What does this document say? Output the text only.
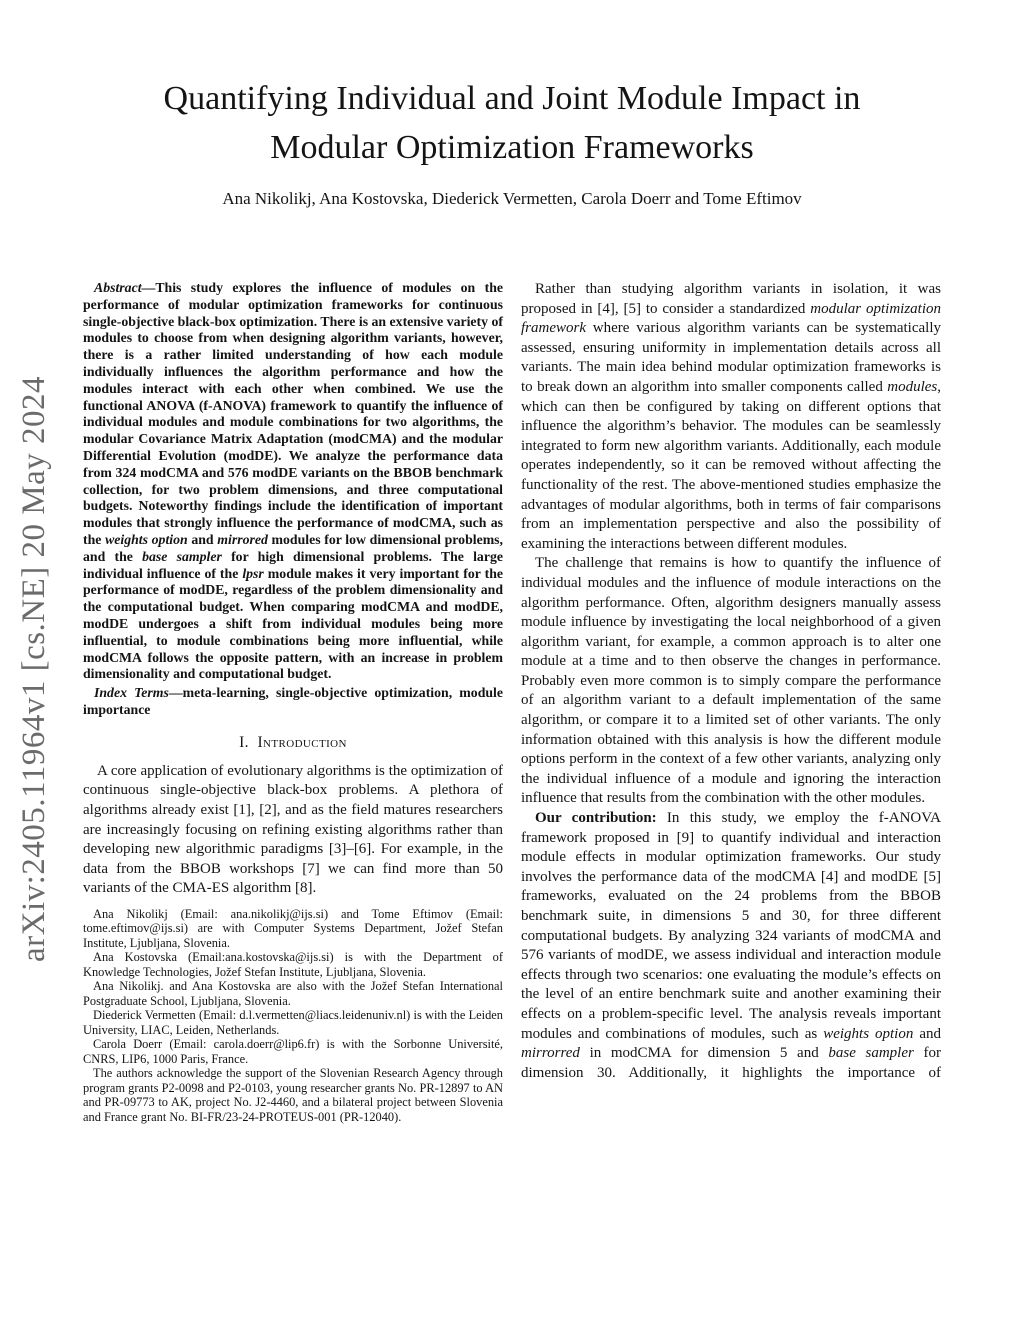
arXiv:2405.11964v1 [cs.NE] 20 May 2024
Quantifying Individual and Joint Module Impact in
Modular Optimization Frameworks
Ana Nikolikj, Ana Kostovska, Diederick Vermetten, Carola Doerr and Tome Eftimov

Abstract—This study explores the influence of modules on the performance of modular optimization frameworks for continuous single-objective black-box optimization. There is an extensive variety of modules to choose from when designing algorithm variants, however, there is a rather limited understanding of how each module individually influences the algorithm performance and how the modules interact with each other when combined. We use the functional ANOVA (f-ANOVA) framework to quantify the influence of individual modules and module combinations for two algorithms, the modular Covariance Matrix Adaptation (modCMA) and the modular Differential Evolution (modDE). We analyze the performance data from 324 modCMA and 576 modDE variants on the BBOB benchmark collection, for two problem dimensions, and three computational budgets. Noteworthy findings include the identification of important modules that strongly influence the performance of modCMA, such as the weights option and mirrored modules for low dimensional problems, and the base sampler for high dimensional problems. The large individual influence of the lpsr module makes it very important for the performance of modDE, regardless of the problem dimensionality and the computational budget. When comparing modCMA and modDE, modDE undergoes a shift from individual modules being more influential, to module combinations being more influential, while modCMA follows the opposite pattern, with an increase in problem dimensionality and computational budget.

Index Terms—meta-learning, single-objective optimization, module importance

I. Introduction

A core application of evolutionary algorithms is the optimization of continuous single-objective black-box problems. A plethora of algorithms already exist [1], [2], and as the field matures researchers are increasingly focusing on refining existing algorithms rather than developing new algorithmic paradigms [3]–[6]. For example, in the data from the BBOB workshops [7] we can find more than 50 variants of the CMA-ES algorithm [8].

Ana Nikolikj (Email: ana.nikolikj@ijs.si) and Tome Eftimov (Email: tome.eftimov@ijs.si) are with Computer Systems Department, Jožef Stefan Institute, Ljubljana, Slovenia.

Ana Kostovska (Email:ana.kostovska@ijs.si) is with the Department of Knowledge Technologies, Jožef Stefan Institute, Ljubljana, Slovenia.

Ana Nikolikj. and Ana Kostovska are also with the Jožef Stefan International Postgraduate School, Ljubljana, Slovenia.

Diederick Vermetten (Email: d.l.vermetten@liacs.leidenuniv.nl) is with the Leiden University, LIAC, Leiden, Netherlands.

Carola Doerr (Email: carola.doerr@lip6.fr) is with the Sorbonne Université, CNRS, LIP6, 1000 Paris, France.

The authors acknowledge the support of the Slovenian Research Agency through program grants P2-0098 and P2-0103, young researcher grants No. PR-12897 to AN and PR-09773 to AK, project No. J2-4460, and a bilateral project between Slovenia and France grant No. BI-FR/23-24-PROTEUS-001 (PR-12040).

Rather than studying algorithm variants in isolation, it was proposed in [4], [5] to consider a standardized modular optimization framework where various algorithm variants can be systematically assessed, ensuring uniformity in implementation details across all variants. The main idea behind modular optimization frameworks is to break down an algorithm into smaller components called modules, which can then be configured by taking on different options that influence the algorithm’s behavior. The modules can be seamlessly integrated to form new algorithm variants. Additionally, each module operates independently, so it can be removed without affecting the functionality of the rest. The above-mentioned studies emphasize the advantages of modular algorithms, both in terms of fair comparisons from an implementation perspective and also the possibility of examining the interactions between different modules.

The challenge that remains is how to quantify the influence of individual modules and the influence of module interactions on the algorithm performance. Often, algorithm designers manually assess module influence by investigating the local neighborhood of a given algorithm variant, for example, a common approach is to alter one module at a time and to then observe the changes in performance. Probably even more common is to simply compare the performance of an algorithm variant to a default implementation of the same algorithm, or compare it to a limited set of other variants. The only information obtained with this analysis is how the different module options perform in the context of a few other variants, analyzing only the individual influence of a module and ignoring the interaction influence that results from the combination with the other modules.

Our contribution: In this study, we employ the f-ANOVA framework proposed in [9] to quantify individual and interaction module effects in modular optimization frameworks. Our study involves the performance data of the modCMA [4] and modDE [5] frameworks, evaluated on the 24 problems from the BBOB benchmark suite, in dimensions 5 and 30, for three different computational budgets. By analyzing 324 variants of modCMA and 576 variants of modDE, we assess individual and interaction module effects through two scenarios: one evaluating the module’s effects on the level of an entire benchmark suite and another examining their effects on a problem-specific level. The analysis reveals important modules and combinations of modules, such as weights option and mirrorred in modCMA for dimension 5 and base sampler for dimension 30. Additionally, it highlights the importance of
